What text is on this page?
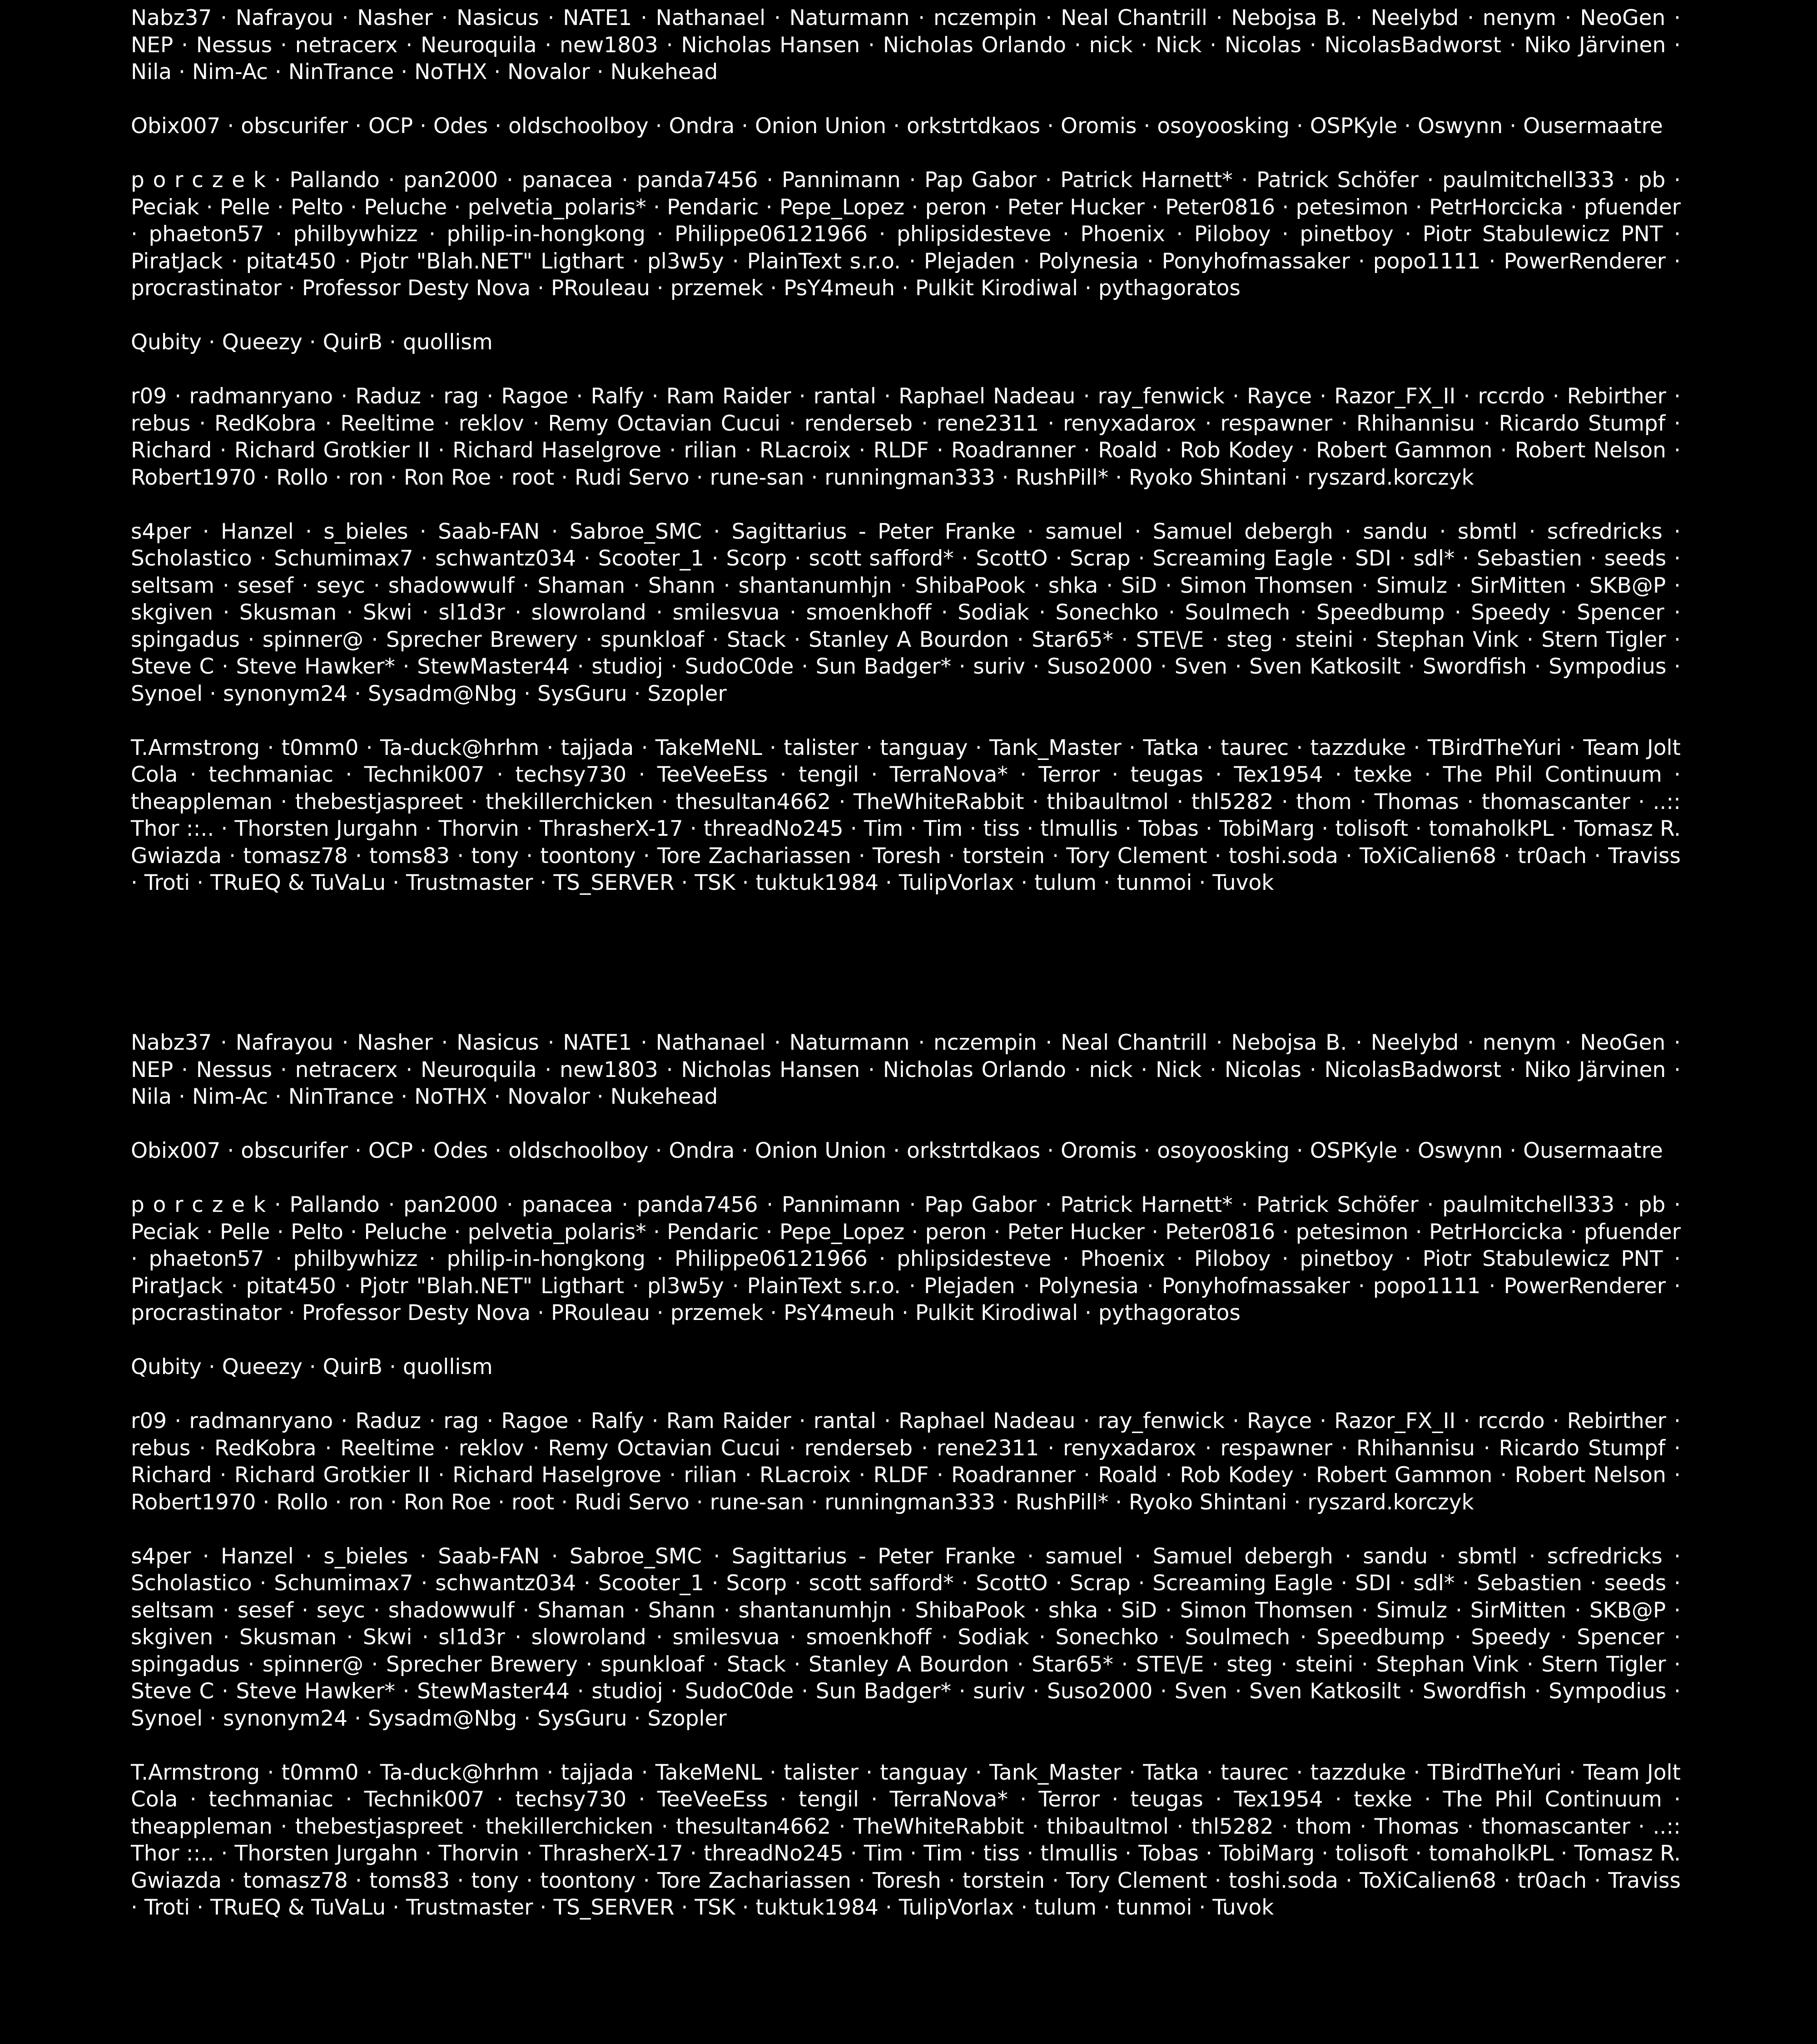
Nabz37 · Nafrayou · Nasher · Nasicus · NATE1 · Nathanael · Naturmann · nczempin · Neal Chantrill · Nebojsa B. · Neelybd · nenym · NeoGen · NEP · Nessus · netracerx · Neuroquila · new1803 · Nicholas Hansen · Nicholas Orlando · nick · Nick · Nicolas · NicolasBadworst · Niko Järvinen · Nila · Nim-Ac · NinTrance · NoTHX · Novalor · Nukehead

Obix007 · obscurifer · OCP · Odes · oldschoolboy · Ondra · Onion Union · orkstrtdkaos · Oromis · osoyoosking · OSPKyle · Oswynn · Ousermaatre

p o r c z e k · Pallando · pan2000 · panacea · panda7456 · Pannimann · Pap Gabor · Patrick Harnett* · Patrick Schöfer · paulmitchell333 · pb · Peciak · Pelle · Pelto · Peluche · pelvetia_polaris* · Pendaric · Pepe_Lopez · peron · Peter Hucker · Peter0816 · petesimon · PetrHorcicka · pfuender · phaeton57 · philbywhizz · philip-in-hongkong · Philippe06121966 · phlipsidesteve · Phoenix · Piloboy · pinetboy · Piotr Stabulewicz PNT · PiratJack · pitat450 · Pjotr "Blah.NET" Ligthart · pl3w5y · PlainText s.r.o. · Plejaden · Polynesia · Ponyhofmassaker · popo1111 · PowerRenderer · procrastinator · Professor Desty Nova · PRouleau · przemek · PsY4meuh · Pulkit Kirodiwal · pythagoratos

Qubity · Queezy · QuirB · quollism

r09 · radmanryano · Raduz · rag · Ragoe · Ralfy · Ram Raider · rantal · Raphael Nadeau · ray_fenwick · Rayce · Razor_FX_II · rccrdo · Rebirther · rebus · RedKobra · Reeltime · reklov · Remy Octavian Cucui · renderseb · rene2311 · renyxadarox · respawner · Rhihannisu · Ricardo Stumpf · Richard · Richard Grotkier II · Richard Haselgrove · rilian · RLacroix · RLDF · Roadranner · Roald · Rob Kodey · Robert Gammon · Robert Nelson · Robert1970 · Rollo · ron · Ron Roe · root · Rudi Servo · rune-san · runningman333 · RushPill* · Ryoko Shintani · ryszard.korczyk

s4per · Hanzel · s_bieles · Saab-FAN · Sabroe_SMC · Sagittarius - Peter Franke · samuel · Samuel debergh · sandu · sbmtl · scfredricks · Scholastico · Schumimax7 · schwantz034 · Scooter_1 · Scorp · scott safford* · ScottO · Scrap · Screaming Eagle · SDI · sdl* · Sebastien · seeds · seltsam · sesef · seyc · shadowwulf · Shaman · Shann · shantanumhjn · ShibaPook · shka · SiD · Simon Thomsen · Simulz · SirMitten · SKB@P · skgiven · Skusman · Skwi · sl1d3r · slowroland · smilesvua · smoenkhoff · Sodiak · Sonechko · Soulmech · Speedbump · Speedy · Spencer · spingadus · spinner@ · Sprecher Brewery · spunkloaf · Stack · Stanley A Bourdon · Star65* · STE\/E · steg · steini · Stephan Vink · Stern Tigler · Steve C · Steve Hawker* · StewMaster44 · studioj · SudoC0de · Sun Badger* · suriv · Suso2000 · Sven · Sven Katkosilt · Swordfish · Sympodius · Synoel · synonym24 · Sysadm@Nbg · SysGuru · Szopler

T.Armstrong · t0mm0 · Ta-duck@hrhm · tajjada · TakeMeNL · talister · tanguay · Tank_Master · Tatka · taurec · tazzduke · TBirdTheYuri · Team Jolt Cola · techmaniac · Technik007 · techsy730 · TeeVeeEss · tengil · TerraNova* · Terror · teugas · Tex1954 · texke · The Phil Continuum · theappleman · thebestjaspreet · thekillerchicken · thesultan4662 · TheWhiteRabbit · thibaultmol · thl5282 · thom · Thomas · thomascanter · ..:: Thor ::.. · Thorsten Jurgahn · Thorvin · ThrasherX-17 · threadNo245 · Tim · Tim · tiss · tlmullis · Tobas · TobiMarg · tolisoft · tomaholkPL · Tomasz R. Gwiazda · tomasz78 · toms83 · tony · toontony · Tore Zachariassen · Toresh · torstein · Tory Clement · toshi.soda · ToXiCalien68 · tr0ach · Traviss · Troti · TRuEQ & TuVaLu · Trustmaster · TS_SERVER · TSK · tuktuk1984 · TulipVorlax · tulum · tunmoi · Tuvok

Nabz37 · Nafrayou · Nasher · Nasicus · NATE1 · Nathanael · Naturmann · nczempin · Neal Chantrill · Nebojsa B. · Neelybd · nenym · NeoGen · NEP · Nessus · netracerx · Neuroquila · new1803 · Nicholas Hansen · Nicholas Orlando · nick · Nick · Nicolas · NicolasBadworst · Niko Järvinen · Nila · Nim-Ac · NinTrance · NoTHX · Novalor · Nukehead

Obix007 · obscurifer · OCP · Odes · oldschoolboy · Ondra · Onion Union · orkstrtdkaos · Oromis · osoyoosking · OSPKyle · Oswynn · Ousermaatre

p o r c z e k · Pallando · pan2000 · panacea · panda7456 · Pannimann · Pap Gabor · Patrick Harnett* · Patrick Schöfer · paulmitchell333 · pb · Peciak · Pelle · Pelto · Peluche · pelvetia_polaris* · Pendaric · Pepe_Lopez · peron · Peter Hucker · Peter0816 · petesimon · PetrHorcicka · pfuender · phaeton57 · philbywhizz · philip-in-hongkong · Philippe06121966 · phlipsidesteve · Phoenix · Piloboy · pinetboy · Piotr Stabulewicz PNT · PiratJack · pitat450 · Pjotr "Blah.NET" Ligthart · pl3w5y · PlainText s.r.o. · Plejaden · Polynesia · Ponyhofmassaker · popo1111 · PowerRenderer · procrastinator · Professor Desty Nova · PRouleau · przemek · PsY4meuh · Pulkit Kirodiwal · pythagoratos

Qubity · Queezy · QuirB · quollism

r09 · radmanryano · Raduz · rag · Ragoe · Ralfy · Ram Raider · rantal · Raphael Nadeau · ray_fenwick · Rayce · Razor_FX_II · rccrdo · Rebirther · rebus · RedKobra · Reeltime · reklov · Remy Octavian Cucui · renderseb · rene2311 · renyxadarox · respawner · Rhihannisu · Ricardo Stumpf · Richard · Richard Grotkier II · Richard Haselgrove · rilian · RLacroix · RLDF · Roadranner · Roald · Rob Kodey · Robert Gammon · Robert Nelson · Robert1970 · Rollo · ron · Ron Roe · root · Rudi Servo · rune-san · runningman333 · RushPill* · Ryoko Shintani · ryszard.korczyk

s4per · Hanzel · s_bieles · Saab-FAN · Sabroe_SMC · Sagittarius - Peter Franke · samuel · Samuel debergh · sandu · sbmtl · scfredricks · Scholastico · Schumimax7 · schwantz034 · Scooter_1 · Scorp · scott safford* · ScottO · Scrap · Screaming Eagle · SDI · sdl* · Sebastien · seeds · seltsam · sesef · seyc · shadowwulf · Shaman · Shann · shantanumhjn · ShibaPook · shka · SiD · Simon Thomsen · Simulz · SirMitten · SKB@P · skgiven · Skusman · Skwi · sl1d3r · slowroland · smilesvua · smoenkhoff · Sodiak · Sonechko · Soulmech · Speedbump · Speedy · Spencer · spingadus · spinner@ · Sprecher Brewery · spunkloaf · Stack · Stanley A Bourdon · Star65* · STE\/E · steg · steini · Stephan Vink · Stern Tigler · Steve C · Steve Hawker* · StewMaster44 · studioj · SudoC0de · Sun Badger* · suriv · Suso2000 · Sven · Sven Katkosilt · Swordfish · Sympodius · Synoel · synonym24 · Sysadm@Nbg · SysGuru · Szopler

T.Armstrong · t0mm0 · Ta-duck@hrhm · tajjada · TakeMeNL · talister · tanguay · Tank_Master · Tatka · taurec · tazzduke · TBirdTheYuri · Team Jolt Cola · techmaniac · Technik007 · techsy730 · TeeVeeEss · tengil · TerraNova* · Terror · teugas · Tex1954 · texke · The Phil Continuum · theappleman · thebestjaspreet · thekillerchicken · thesultan4662 · TheWhiteRabbit · thibaultmol · thl5282 · thom · Thomas · thomascanter · ..:: Thor ::.. · Thorsten Jurgahn · Thorvin · ThrasherX-17 · threadNo245 · Tim · Tim · tiss · tlmullis · Tobas · TobiMarg · tolisoft · tomaholkPL · Tomasz R. Gwiazda · tomasz78 · toms83 · tony · toontony · Tore Zachariassen · Toresh · torstein · Tory Clement · toshi.soda · ToXiCalien68 · tr0ach · Traviss · Troti · TRuEQ & TuVaLu · Trustmaster · TS_SERVER · TSK · tuktuk1984 · TulipVorlax · tulum · tunmoi · Tuvok
